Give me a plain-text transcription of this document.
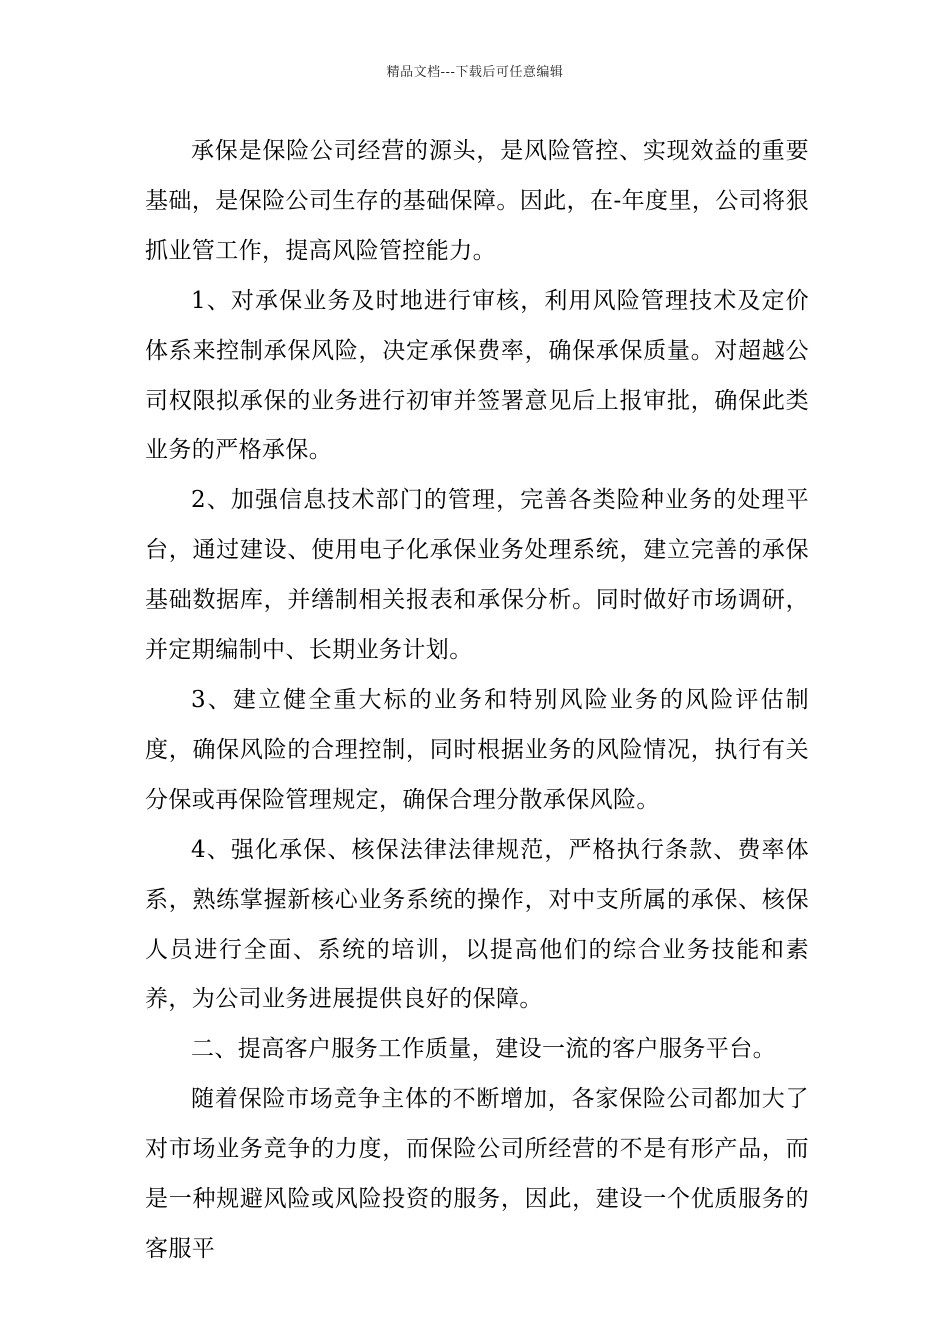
精品文档---下载后可任意编辑

承保是保险公司经营的源头，是风险管控、实现效益的重要基础，是保险公司生存的基础保障。因此，在-年度里，公司将狠抓业管工作，提高风险管控能力。

1、对承保业务及时地进行审核，利用风险管理技术及定价体系来控制承保风险，决定承保费率，确保承保质量。对超越公司权限拟承保的业务进行初审并签署意见后上报审批，确保此类业务的严格承保。

2、加强信息技术部门的管理，完善各类险种业务的处理平台，通过建设、使用电子化承保业务处理系统，建立完善的承保基础数据库，并缮制相关报表和承保分析。同时做好市场调研，并定期编制中、长期业务计划。

3、建立健全重大标的业务和特别风险业务的风险评估制度，确保风险的合理控制，同时根据业务的风险情况，执行有关分保或再保险管理规定，确保合理分散承保风险。

4、强化承保、核保法律法律规范，严格执行条款、费率体系，熟练掌握新核心业务系统的操作，对中支所属的承保、核保人员进行全面、系统的培训，以提高他们的综合业务技能和素养，为公司业务进展提供良好的保障。

二、提高客户服务工作质量，建设一流的客户服务平台。

随着保险市场竞争主体的不断增加，各家保险公司都加大了对市场业务竞争的力度，而保险公司所经营的不是有形产品，而是一种规避风险或风险投资的服务，因此，建设一个优质服务的客服平
